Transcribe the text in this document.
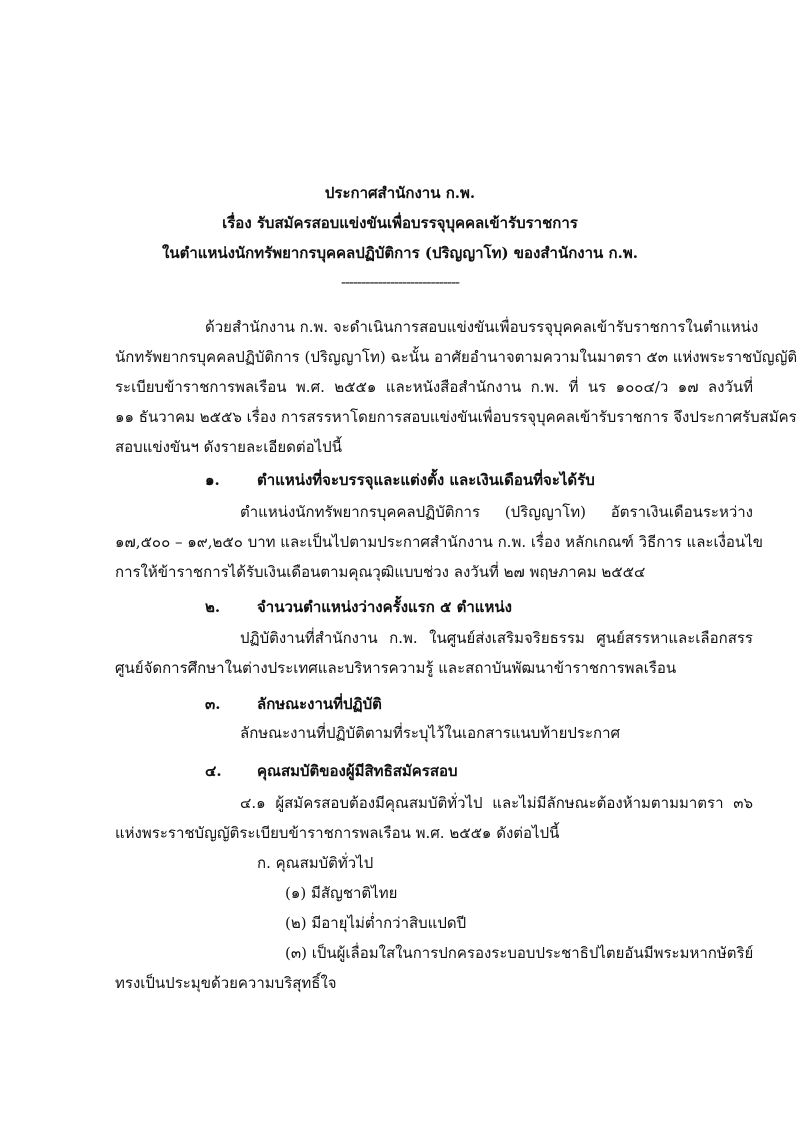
ประกาศสำนักงาน ก.พ.
เรื่อง รับสมัครสอบแข่งขันเพื่อบรรจุบุคคลเข้ารับราชการ
ในตำแหน่งนักทรัพยากรบุคคลปฏิบัติการ (ปริญญาโท) ของสำนักงาน ก.พ.
-----------------------------
ด้วยสำนักงาน ก.พ. จะดำเนินการสอบแข่งขันเพื่อบรรจุบุคคลเข้ารับราชการในตำแหน่ง
นักทรัพยากรบุคคลปฏิบัติการ (ปริญญาโท) ฉะนั้น อาศัยอำนาจตามความในมาตรา ๕๓ แห่งพระราชบัญญัติ
ระเบียบข้าราชการพลเรือน พ.ศ. ๒๕๕๑ และหนังสือสำนักงาน ก.พ. ที่ นร ๑๐๐๔/ว ๑๗ ลงวันที่
๑๑ ธันวาคม ๒๕๕๖ เรื่อง การสรรหาโดยการสอบแข่งขันเพื่อบรรจุบุคคลเข้ารับราชการ จึงประกาศรับสมัคร
สอบแข่งขันฯ ดังรายละเอียดต่อไปนี้
๑. ตำแหน่งที่จะบรรจุและแต่งตั้ง และเงินเดือนที่จะได้รับ
ตำแหน่งนักทรัพยากรบุคคลปฏิบัติการ (ปริญญาโท) อัตราเงินเดือนระหว่าง
๑๗,๕๐๐ – ๑๙,๒๕๐ บาท และเป็นไปตามประกาศสำนักงาน ก.พ. เรื่อง หลักเกณฑ์ วิธีการ และเงื่อนไข
การให้ข้าราชการได้รับเงินเดือนตามคุณวุฒิแบบช่วง ลงวันที่ ๒๗ พฤษภาคม ๒๕๕๔
๒. จำนวนตำแหน่งว่างครั้งแรก ๕ ตำแหน่ง
ปฏิบัติงานที่สำนักงาน ก.พ. ในศูนย์ส่งเสริมจริยธรรม ศูนย์สรรหาและเลือกสรร
ศูนย์จัดการศึกษาในต่างประเทศและบริหารความรู้ และสถาบันพัฒนาข้าราชการพลเรือน
๓. ลักษณะงานที่ปฏิบัติ
ลักษณะงานที่ปฏิบัติตามที่ระบุไว้ในเอกสารแนบท้ายประกาศ
๔. คุณสมบัติของผู้มีสิทธิสมัครสอบ
๔.๑ ผู้สมัครสอบต้องมีคุณสมบัติทั่วไป และไม่มีลักษณะต้องห้ามตามมาตรา ๓๖
แห่งพระราชบัญญัติระเบียบข้าราชการพลเรือน พ.ศ. ๒๕๕๑ ดังต่อไปนี้
ก. คุณสมบัติทั่วไป
(๑) มีสัญชาติไทย
(๒) มีอายุไม่ต่ำกว่าสิบแปดปี
(๓) เป็นผู้เลื่อมใสในการปกครองระบอบประชาธิปไตยอันมีพระมหากษัตริย์
ทรงเป็นประมุขด้วยความบริสุทธิ์ใจ
